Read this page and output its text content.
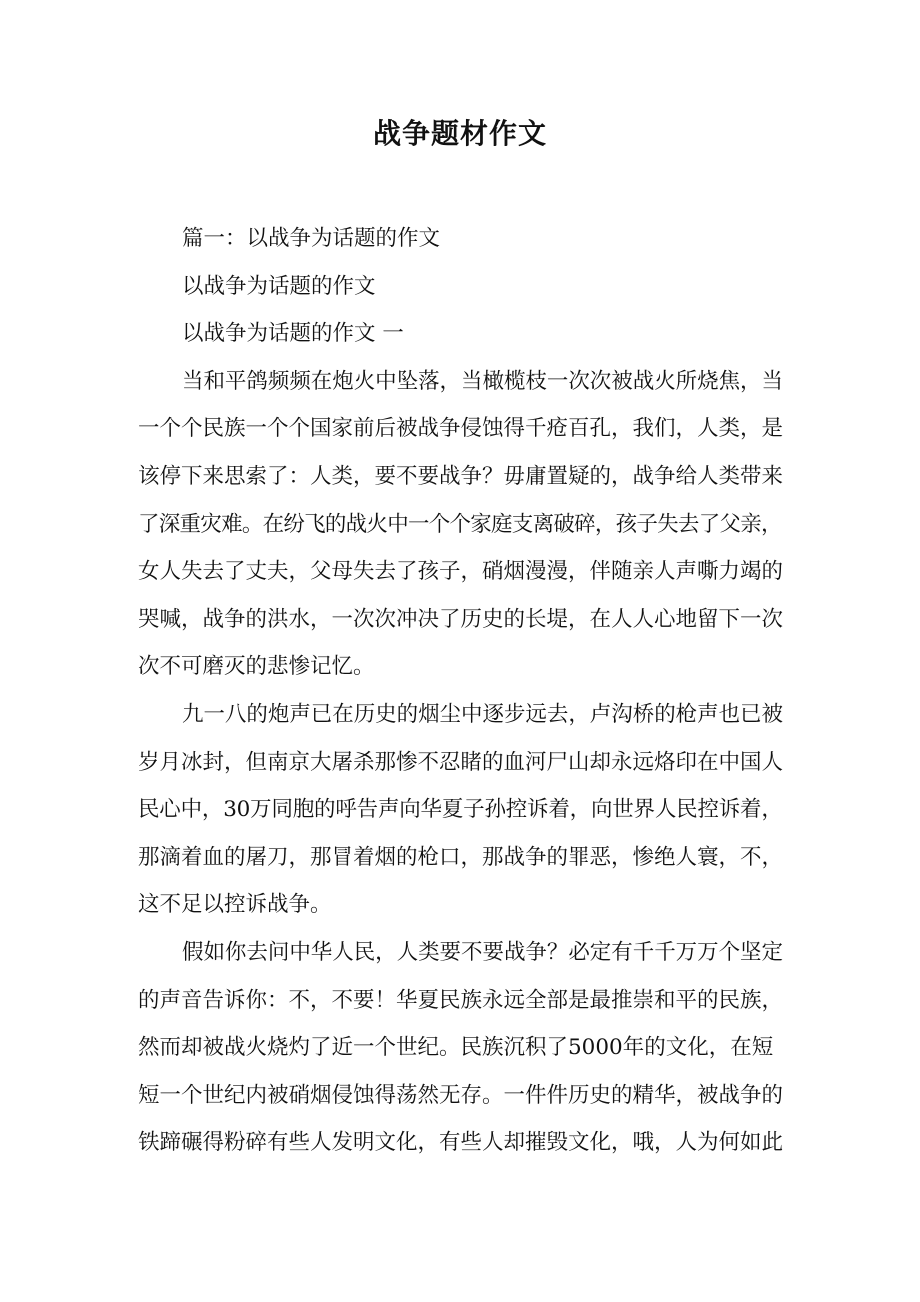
战争题材作文
篇一：以战争为话题的作文
以战争为话题的作文
以战争为话题的作文 一
当和平鸽频频在炮火中坠落，当橄榄枝一次次被战火所烧焦，当
一个个民族一个个国家前后被战争侵蚀得千疮百孔，我们，人类，是
该停下来思索了：人类，要不要战争？毋庸置疑的，战争给人类带来
了深重灾难。在纷飞的战火中一个个家庭支离破碎，孩子失去了父亲，
女人失去了丈夫，父母失去了孩子，硝烟漫漫，伴随亲人声嘶力竭的
哭喊，战争的洪水，一次次冲决了历史的长堤，在人人心地留下一次
次不可磨灭的悲惨记忆。
九一八的炮声已在历史的烟尘中逐步远去，卢沟桥的枪声也已被
岁月冰封，但南京大屠杀那惨不忍睹的血河尸山却永远烙印在中国人
民心中，30万同胞的呼告声向华夏子孙控诉着，向世界人民控诉着，
那滴着血的屠刀，那冒着烟的枪口，那战争的罪恶，惨绝人寰，不，
这不足以控诉战争。
假如你去问中华人民，人类要不要战争？必定有千千万万个坚定
的声音告诉你：不，不要！华夏民族永远全部是最推崇和平的民族，
然而却被战火烧灼了近一个世纪。民族沉积了5000年的文化，在短
短一个世纪内被硝烟侵蚀得荡然无存。一件件历史的精华，被战争的
铁蹄碾得粉碎有些人发明文化，有些人却摧毁文化，哦，人为何如此
